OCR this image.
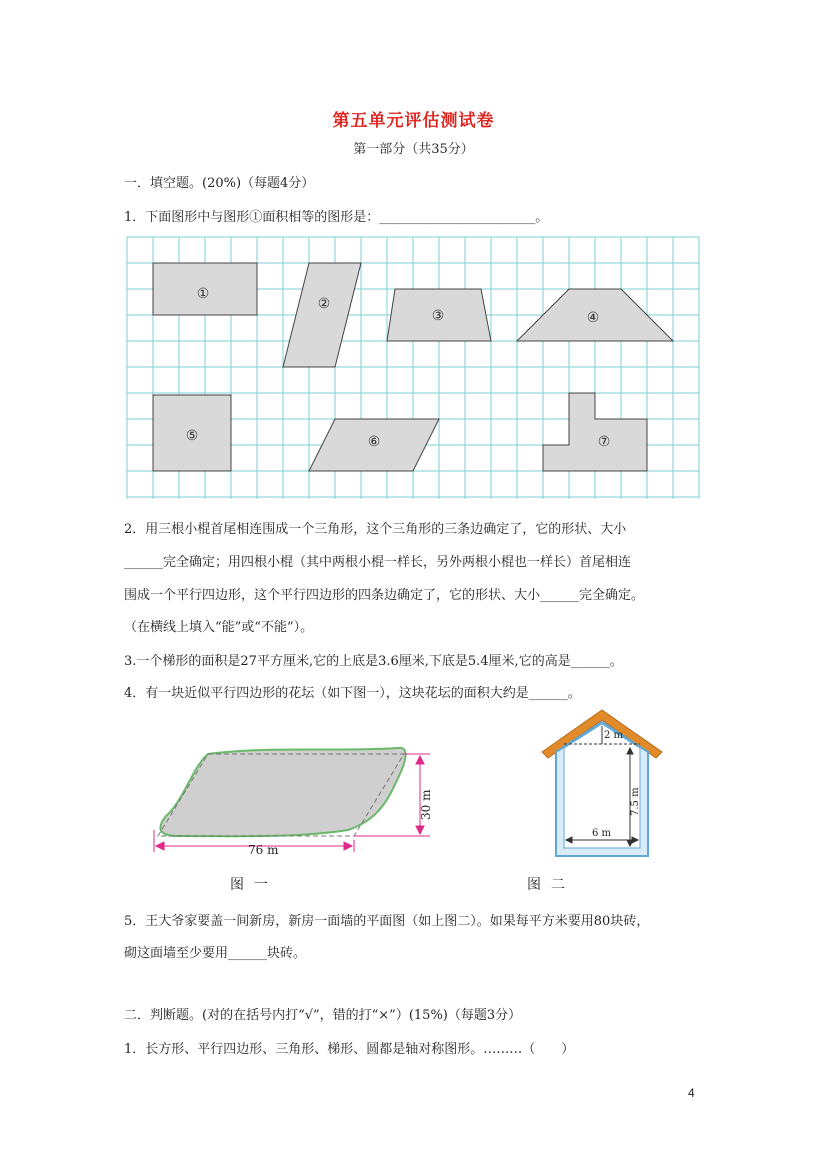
第五单元评估测试卷
第一部分（共35分）
一．填空题。(20%)（每题4分）
1．下面图形中与图形①面积相等的图形是：________________________。
①
②
③	④
⑤	⑥	⑦
2．用三根小棍首尾相连围成一个三角形，这个三角形的三条边确定了，它的形状、大小
______完全确定；用四根小棍（其中两根小棍一样长，另外两根小棍也一样长）首尾相连
围成一个平行四边形，这个平行四边形的四条边确定了，它的形状、大小______完全确定。
（在横线上填入“能”或“不能”）。
3.一个梯形的面积是27平方厘米,它的上底是3.6厘米,下底是5.4厘米,它的高是______。
4．有一块近似平行四边形的花坛（如下图一），这块花坛的面积大约是______。
76 m
30 m
图一
2 m
7.5 m
6 m
图二
5．王大爷家要盖一间新房，新房一面墙的平面图（如上图二）。如果每平方米要用80块砖，
砌这面墙至少要用______块砖。
二．判断题。(对的在括号内打“√”，错的打“×”）(15%)（每题3分）
1．长方形、平行四边形、三角形、梯形、圆都是轴对称图形。………（　　）
4
